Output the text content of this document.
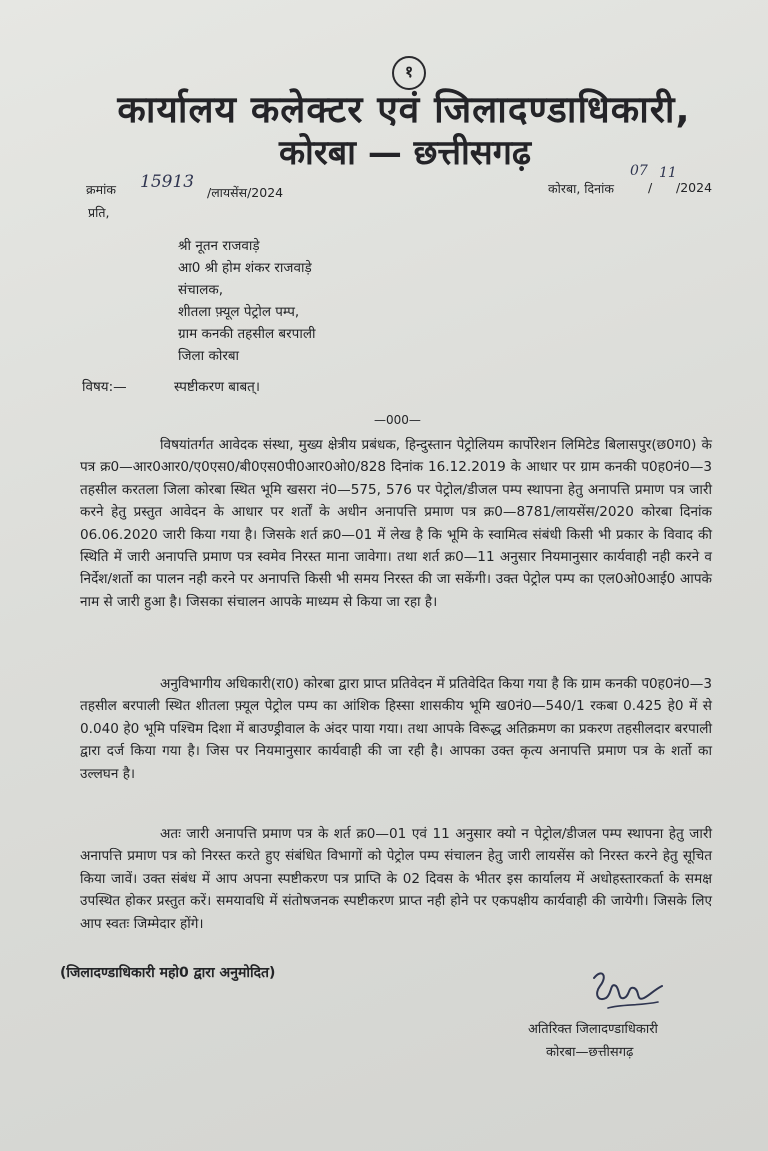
१
कार्यालय कलेक्टर एवं जिलादण्डाधिकारी,
कोरबा — छत्तीसगढ़
क्रमांक 15913
/लायसेंस/2024
प्रति,
कोरबा, दिनांक
07
/
11
/2024
श्री नूतन राजवाड़े
आ0 श्री होम शंकर राजवाड़े
संचालक,
शीतला फ़्यूल पेट्रोल पम्प,
ग्राम कनकी तहसील बरपाली
जिला कोरबा
विषय:—	स्पष्टीकरण बाबत्।
—000—
विषयांतर्गत आवेदक संस्था, मुख्य क्षेत्रीय प्रबंधक, हिन्दुस्तान पेट्रोलियम कार्पोरेशन लिमिटेड बिलासपुर(छ0ग0) के पत्र क्र0—आर0आर0/ए0एस0/बी0एस0पी0आर0ओ0/828 दिनांक 16.12.2019 के आधार पर ग्राम कनकी प0ह0नं0—3 तहसील करतला जिला कोरबा स्थित भूमि खसरा नं0—575, 576 पर पेट्रोल/डीजल पम्प स्थापना हेतु अनापत्ति प्रमाण पत्र जारी करने हेतु प्रस्तुत आवेदन के आधार पर शर्तों के अधीन अनापत्ति प्रमाण पत्र क्र0—8781/लायसेंस/2020 कोरबा दिनांक 06.06.2020 जारी किया गया है। जिसके शर्त क्र0—01 में लेख है कि भूमि के स्वामित्व संबंधी किसी भी प्रकार के विवाद की स्थिति में जारी अनापत्ति प्रमाण पत्र स्वमेव निरस्त माना जावेगा। तथा शर्त क्र0—11 अनुसार नियमानुसार कार्यवाही नही करने व निर्देश/शर्तो का पालन नही करने पर अनापत्ति किसी भी समय निरस्त की जा सकेंगी। उक्त पेट्रोल पम्प का एल0ओ0आई0 आपके नाम से जारी हुआ है। जिसका संचालन आपके माध्यम से किया जा रहा है।
अनुविभागीय अधिकारी(रा0) कोरबा द्वारा प्राप्त प्रतिवेदन में प्रतिवेदित किया गया है कि ग्राम कनकी प0ह0नं0—3 तहसील बरपाली स्थित शीतला फ़्यूल पेट्रोल पम्प का आंशिक हिस्सा शासकीय भूमि ख0नं0—540/1 रकबा 0.425 हे0 में से 0.040 हे0 भूमि पश्चिम दिशा में बाउण्ड्रीवाल के अंदर पाया गया। तथा आपके विरूद्ध अतिक्रमण का प्रकरण तहसीलदार बरपाली द्वारा दर्ज किया गया है। जिस पर नियमानुसार कार्यवाही की जा रही है। आपका उक्त कृत्य अनापत्ति प्रमाण पत्र के शर्तो का उल्लघन है।
अतः जारी अनापत्ति प्रमाण पत्र के शर्त क्र0—01 एवं 11 अनुसार क्यो न पेट्रोल/डीजल पम्प स्थापना हेतु जारी अनापत्ति प्रमाण पत्र को निरस्त करते हुए संबंधित विभागों को पेट्रोल पम्प संचालन हेतु जारी लायसेंस को निरस्त करने हेतु सूचित किया जावें। उक्त संबंध में आप अपना स्पष्टीकरण पत्र प्राप्ति के 02 दिवस के भीतर इस कार्यालय में अधोहस्तारकर्ता के समक्ष उपस्थित होकर प्रस्तुत करें। समयावधि में संतोषजनक स्पष्टीकरण प्राप्त नही होने पर एकपक्षीय कार्यवाही की जायेगी। जिसके लिए आप स्वतः जिम्मेदार होंगे।
(जिलादण्डाधिकारी महो0 द्वारा अनुमोदित)
अतिरिक्त जिलादण्डाधिकारी
कोरबा—छत्तीसगढ़
